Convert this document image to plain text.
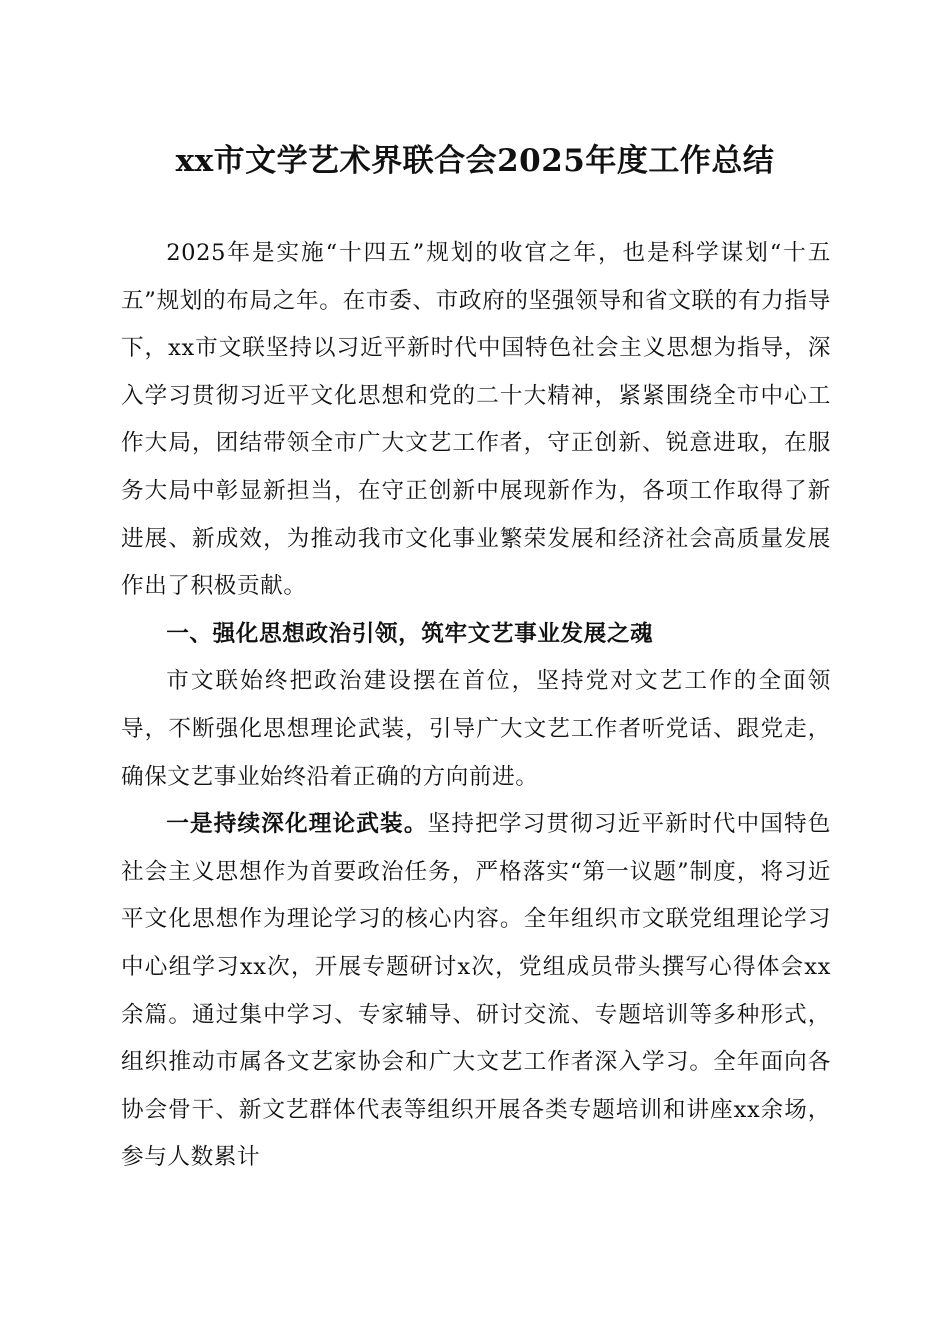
xx市文学艺术界联合会2025年度工作总结

2025年是实施“十四五”规划的收官之年，也是科学谋划“十五五”规划的布局之年。在市委、市政府的坚强领导和省文联的有力指导下，xx市文联坚持以习近平新时代中国特色社会主义思想为指导，深入学习贯彻习近平文化思想和党的二十大精神，紧紧围绕全市中心工作大局，团结带领全市广大文艺工作者，守正创新、锐意进取，在服务大局中彰显新担当，在守正创新中展现新作为，各项工作取得了新进展、新成效，为推动我市文化事业繁荣发展和经济社会高质量发展作出了积极贡献。

一、强化思想政治引领，筑牢文艺事业发展之魂

市文联始终把政治建设摆在首位，坚持党对文艺工作的全面领导，不断强化思想理论武装，引导广大文艺工作者听党话、跟党走，确保文艺事业始终沿着正确的方向前进。

一是持续深化理论武装。坚持把学习贯彻习近平新时代中国特色社会主义思想作为首要政治任务，严格落实“第一议题”制度，将习近平文化思想作为理论学习的核心内容。全年组织市文联党组理论学习中心组学习xx次，开展专题研讨x次，党组成员带头撰写心得体会xx余篇。通过集中学习、专家辅导、研讨交流、专题培训等多种形式，组织推动市属各文艺家协会和广大文艺工作者深入学习。全年面向各协会骨干、新文艺群体代表等组织开展各类专题培训和讲座xx余场，参与人数累计
